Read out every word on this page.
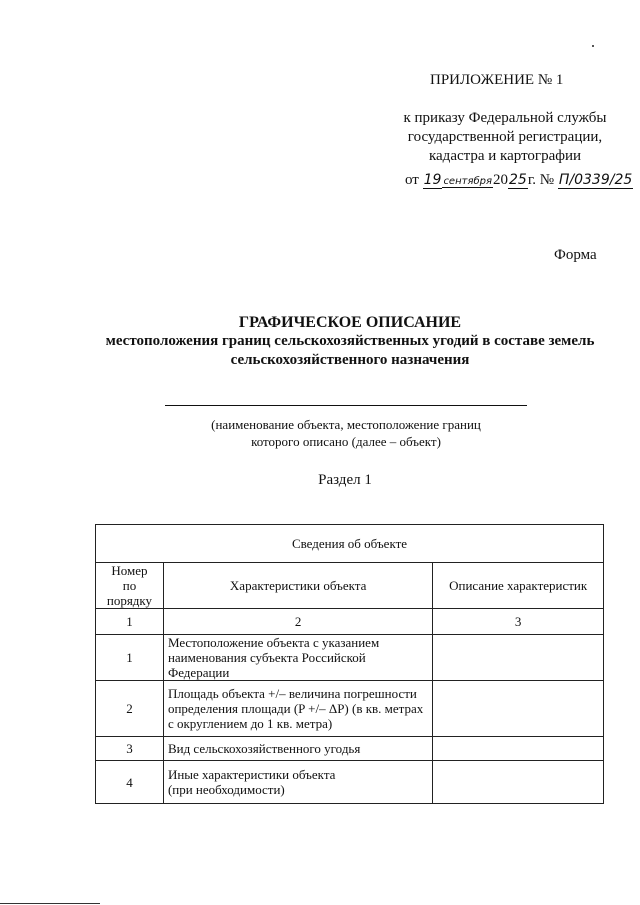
ПРИЛОЖЕНИЕ № 1
к приказу Федеральной службы
государственной регистрации,
кадастра и картографии
от 19 сентября2025г. № П/0339/25
Форма
ГРАФИЧЕСКОЕ ОПИСАНИЕ
местоположения границ сельскохозяйственных угодий в составе земель
сельскохозяйственного назначения
(наименование объекта, местоположение границ
которого описано (далее – объект)
Раздел 1
Сведения об объекте		

Номер
по порядку	Характеристики объекта	Описание характеристик
1	2	3
1	Местоположение объекта с указанием
наименования субъекта Российской Федерации	

2	Площадь объекта +/– величина погрешности
определения площади (P +/– ΔP) (в кв. метрах
с округлением до 1 кв. метра)	

3	Вид сельскохозяйственного угодья	

4	Иные характеристики объекта
(при необходимости)	
